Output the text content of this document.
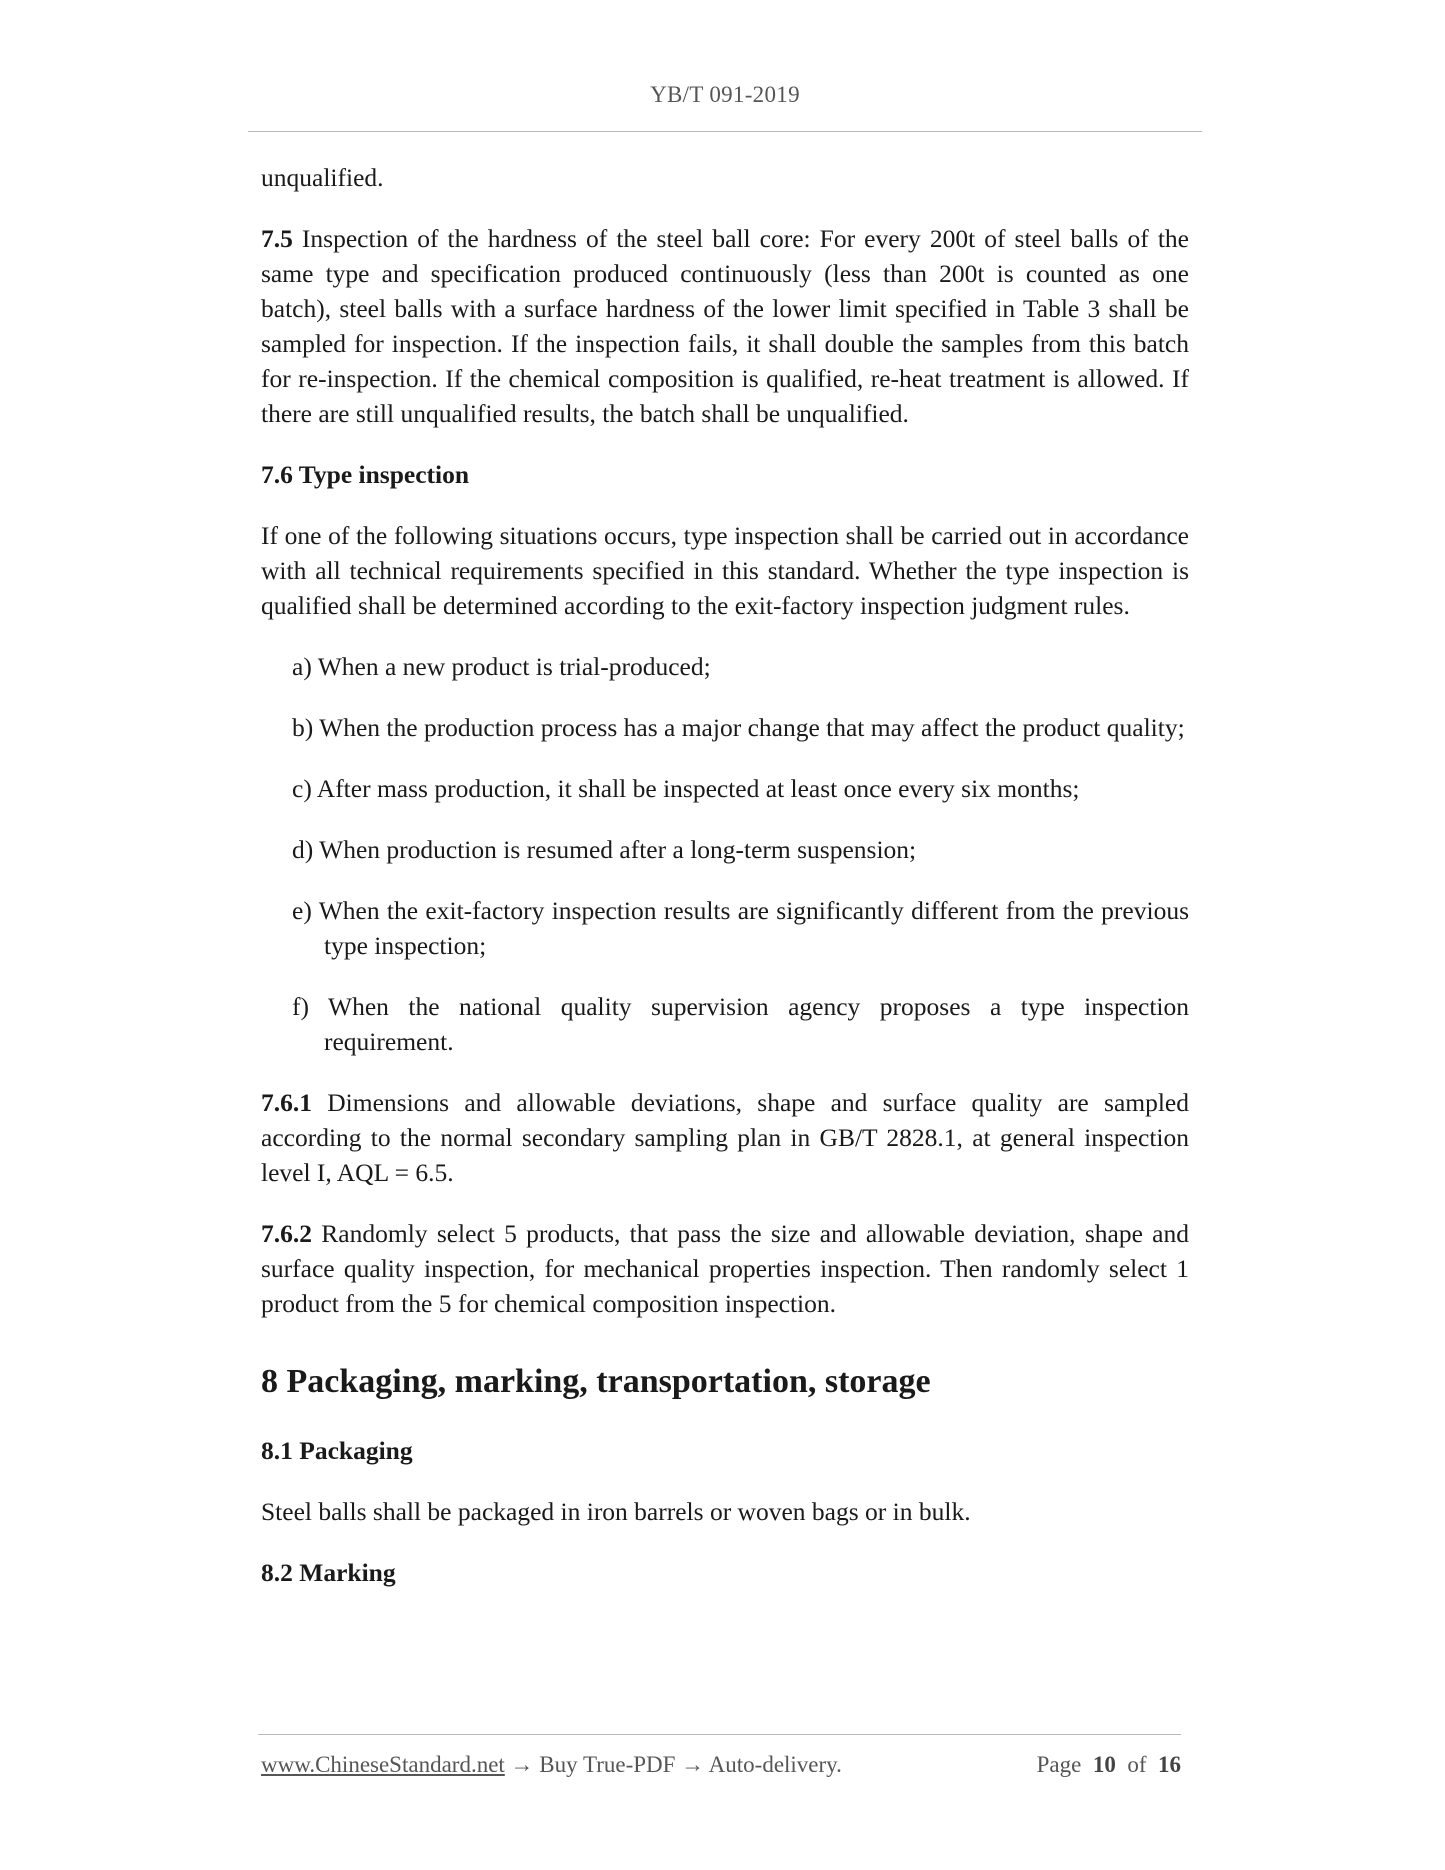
YB/T 091-2019

unqualified.

7.5 Inspection of the hardness of the steel ball core: For every 200t of steel balls of the same type and specification produced continuously (less than 200t is counted as one batch), steel balls with a surface hardness of the lower limit specified in Table 3 shall be sampled for inspection. If the inspection fails, it shall double the samples from this batch for re-inspection. If the chemical composition is qualified, re-heat treatment is allowed. If there are still unqualified results, the batch shall be unqualified.

7.6 Type inspection

If one of the following situations occurs, type inspection shall be carried out in accordance with all technical requirements specified in this standard. Whether the type inspection is qualified shall be determined according to the exit-factory inspection judgment rules.

a) When a new product is trial-produced;
b) When the production process has a major change that may affect the product quality;
c) After mass production, it shall be inspected at least once every six months;
d) When production is resumed after a long-term suspension;
e) When the exit-factory inspection results are significantly different from the previous type inspection;
f) When the national quality supervision agency proposes a type inspection requirement.

7.6.1 Dimensions and allowable deviations, shape and surface quality are sampled according to the normal secondary sampling plan in GB/T 2828.1, at general inspection level I, AQL = 6.5.

7.6.2 Randomly select 5 products, that pass the size and allowable deviation, shape and surface quality inspection, for mechanical properties inspection. Then randomly select 1 product from the 5 for chemical composition inspection.

8 Packaging, marking, transportation, storage
8.1 Packaging

Steel balls shall be packaged in iron barrels or woven bags or in bulk.

8.2 Marking
www.ChineseStandard.net → Buy True-PDF → Auto-delivery.	Page 10 of 16
